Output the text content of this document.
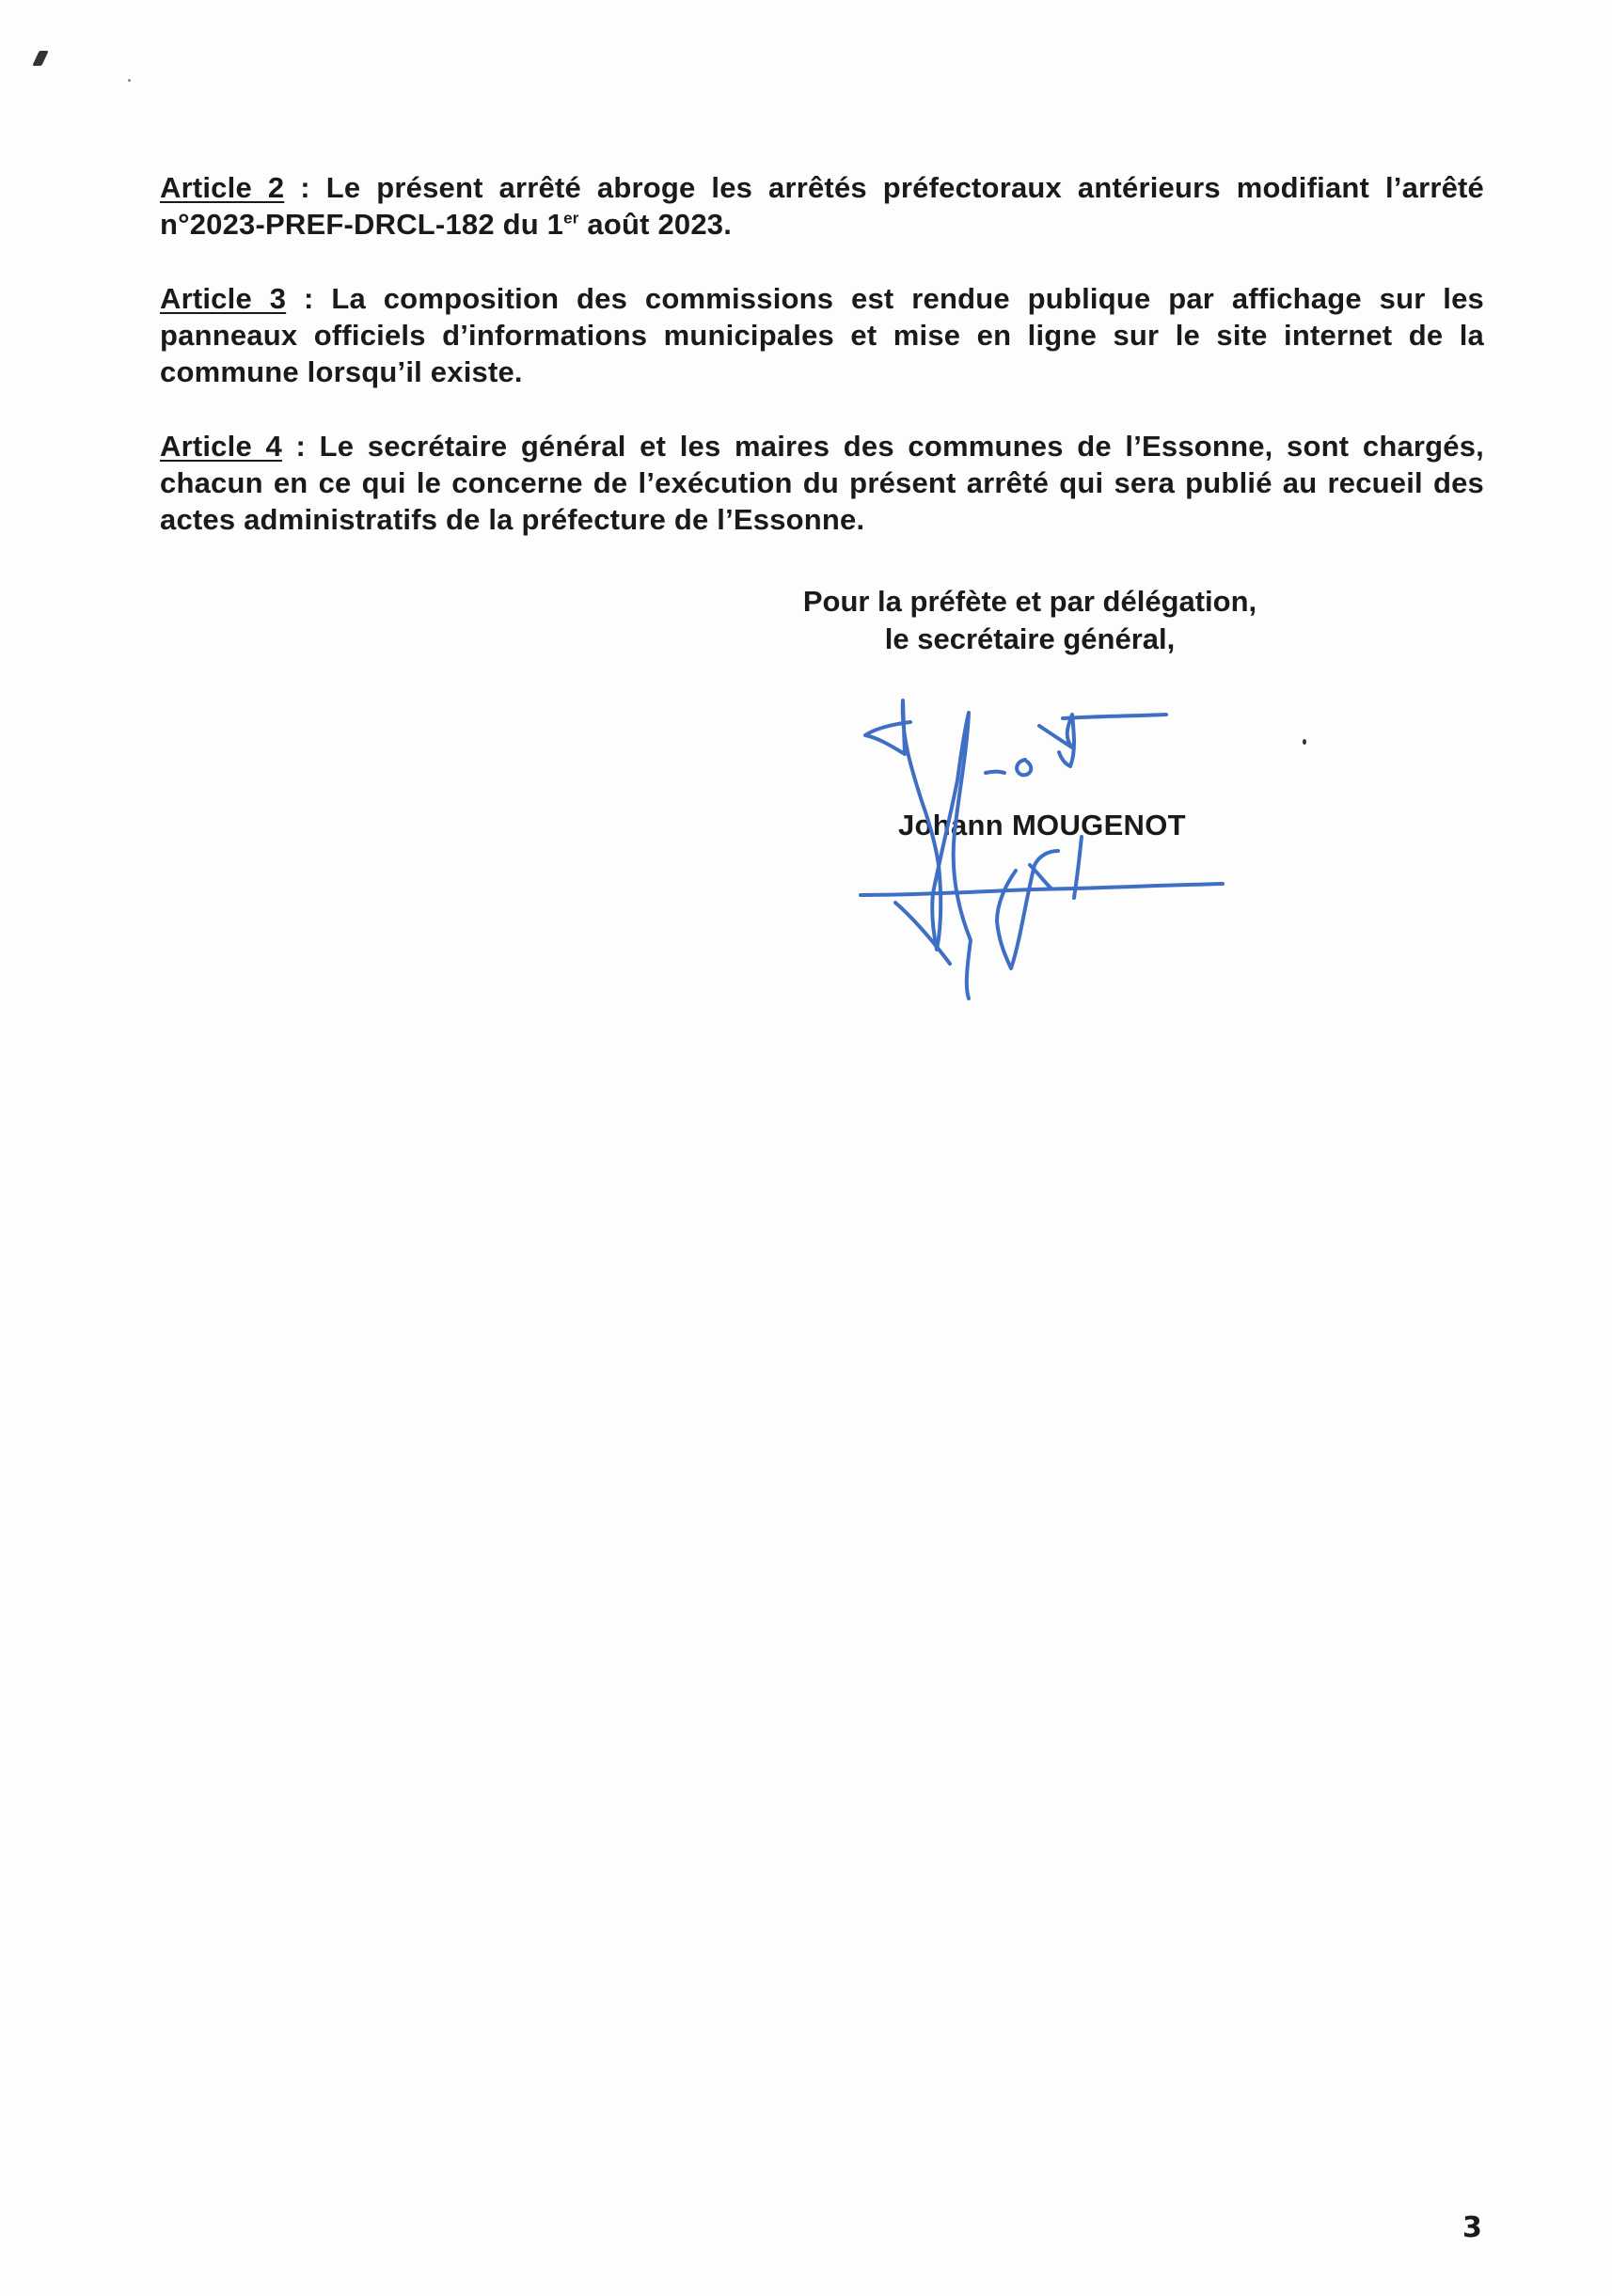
Article 2 : Le présent arrêté abroge les arrêtés préfectoraux antérieurs modifiant l’arrêté n°2023-PREF-DRCL-182 du 1er août 2023.

Article 3 : La composition des commissions est rendue publique par affichage sur les panneaux officiels d’informations municipales et mise en ligne sur le site internet de la commune lorsqu’il existe.

Article 4 : Le secrétaire général et les maires des communes de l’Essonne, sont chargés, chacun en ce qui le concerne de l’exécution du présent arrêté qui sera publié au recueil des actes administratifs de la préfecture de l’Essonne.

Pour la préfète et par délégation,
le secrétaire général,
Johann MOUGENOT
3
